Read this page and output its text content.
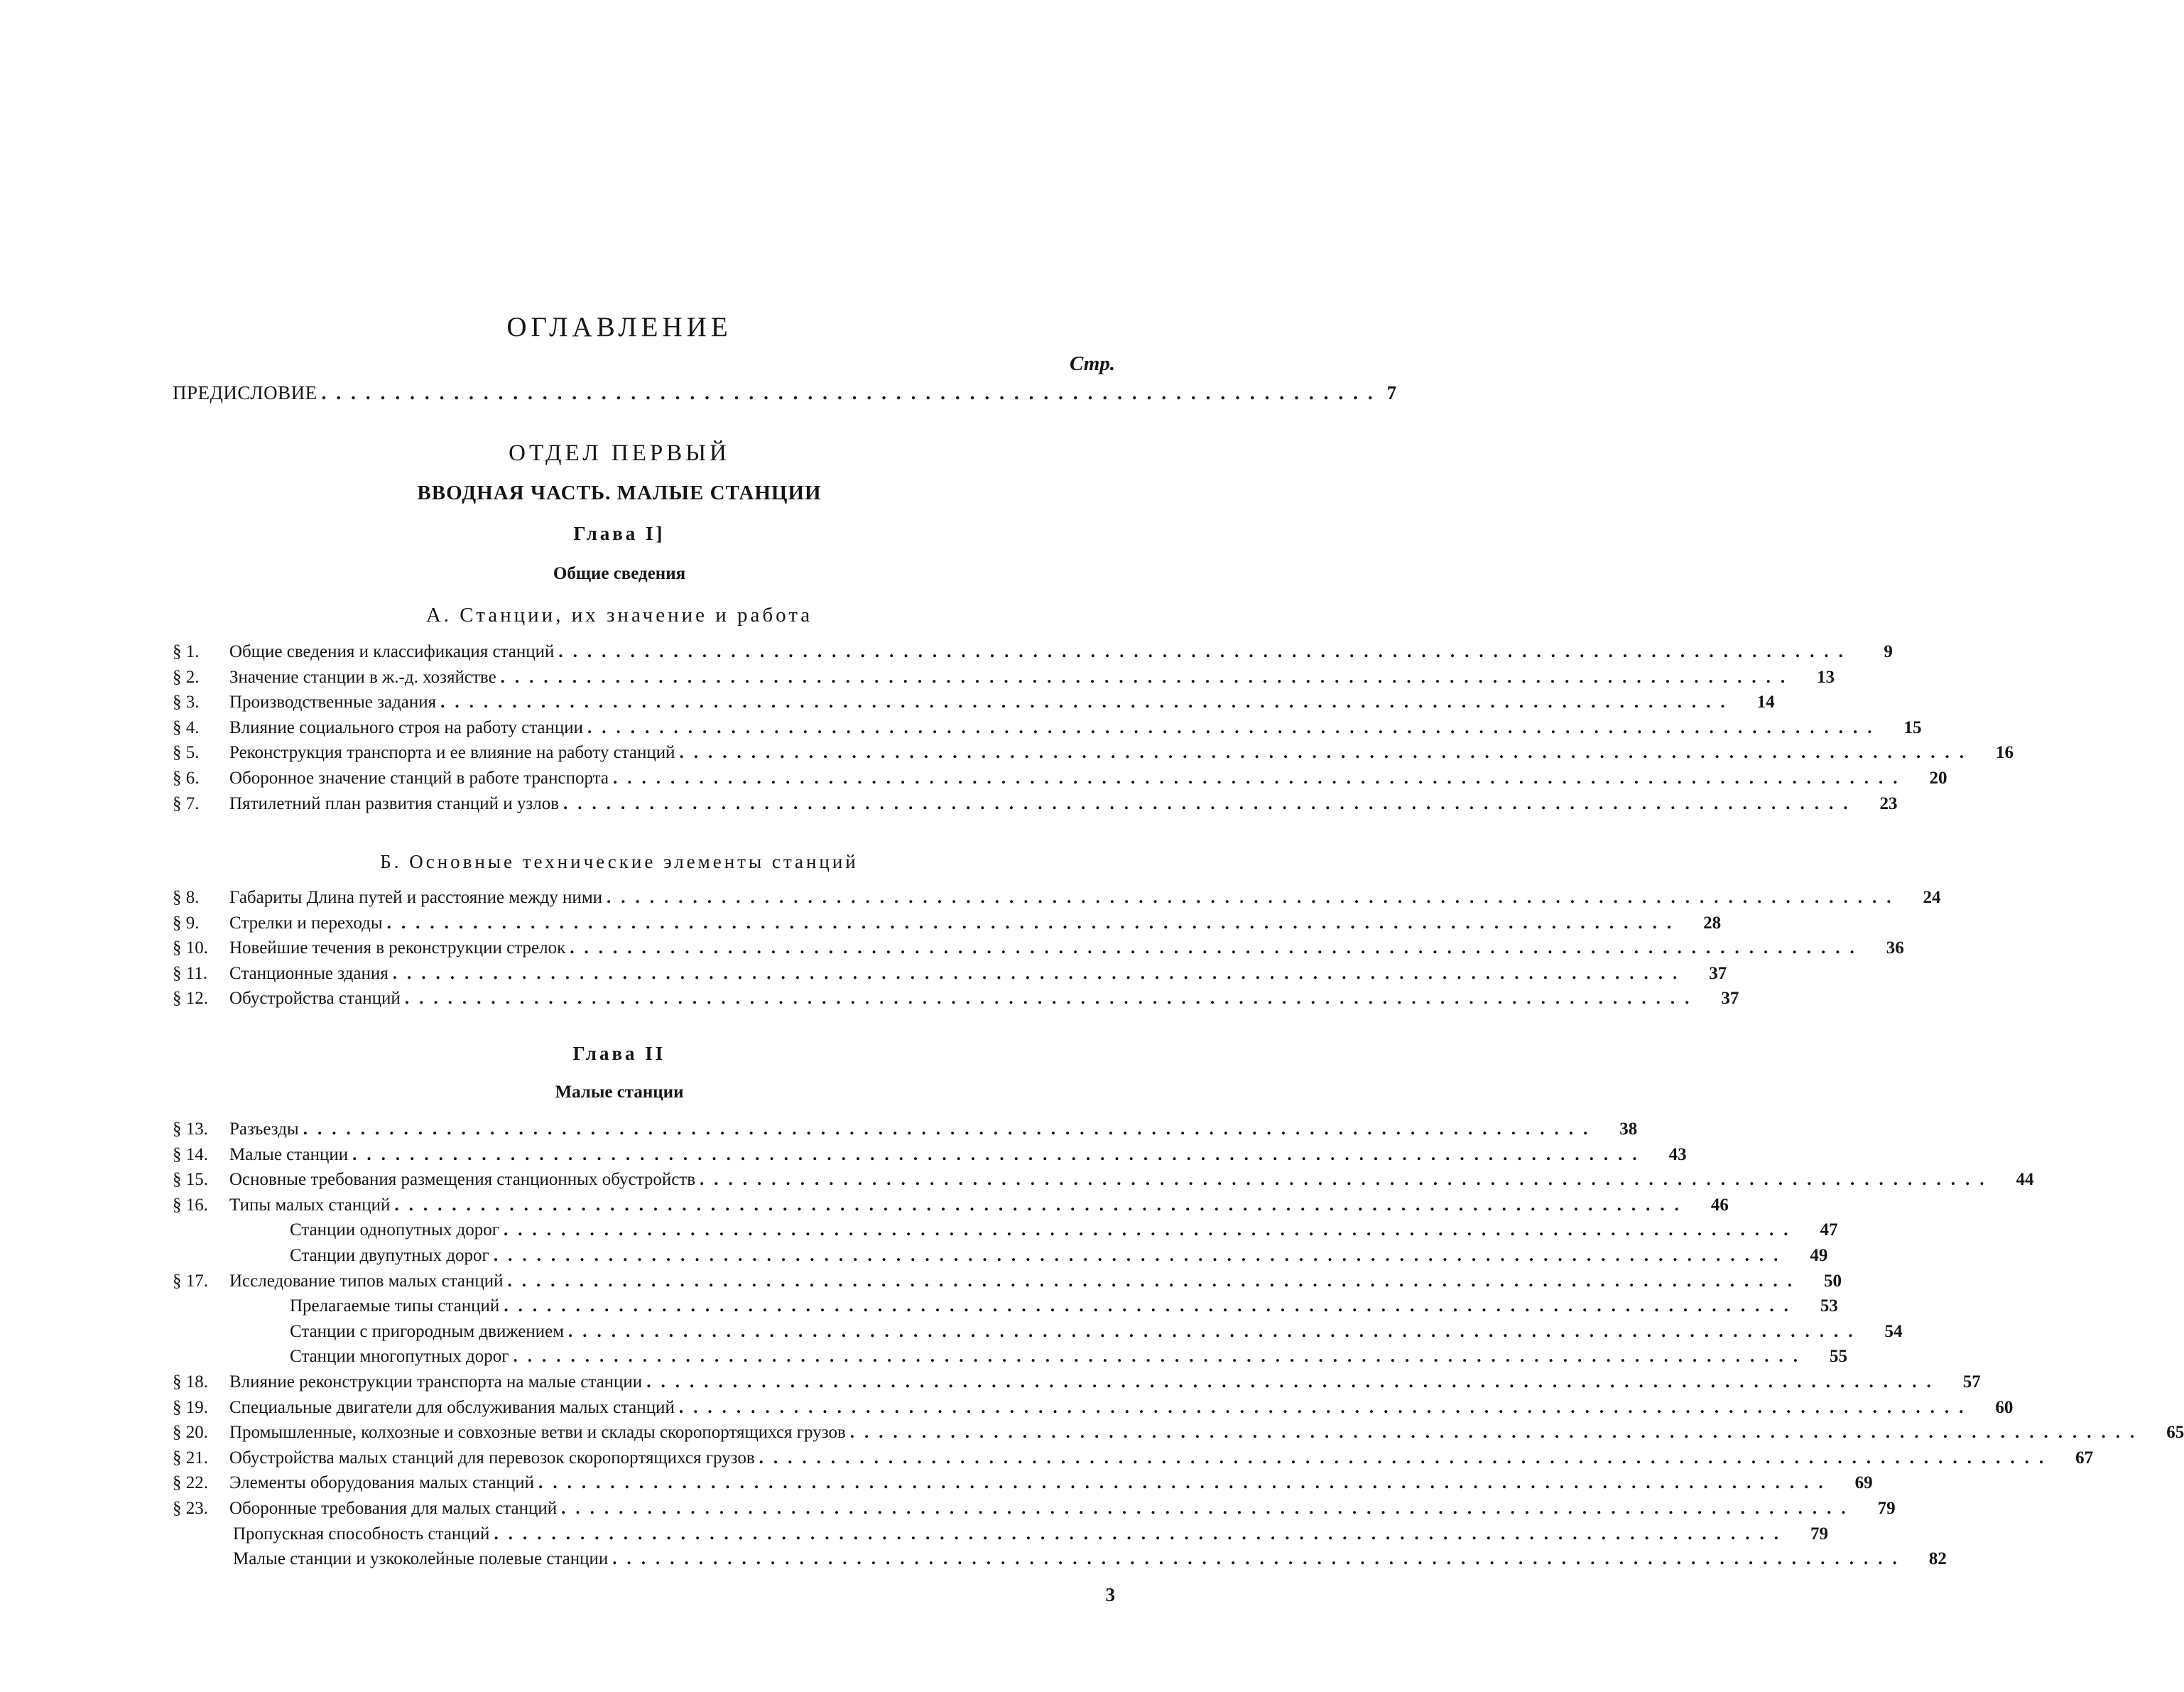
ОГЛАВЛЕНИЕ
Стр.
ПРЕДИСЛОВИЕ ........................................................................ 7
ОТДЕЛ ПЕРВЫЙ
ВВОДНАЯ ЧАСТЬ. МАЛЫЕ СТАНЦИИ
Глава I]
Общие сведения
А. Станции, их значение и работа
§ 1.	Общие сведения и классификация станций ..........................................................................................	9
§ 2.	Значение станции в ж.-д. хозяйстве ..........................................................................................	13
§ 3.	Производственные задания ..........................................................................................	14
§ 4.	Влияние социального строя на работу станции ..........................................................................................	15
§ 5.	Реконструкция транспорта и ее влияние на работу станций ..........................................................................................	16
§ 6.	Оборонное значение станций в работе транспорта ..........................................................................................	20
§ 7.	Пятилетний план развития станций и узлов ..........................................................................................	23
Б. Основные технические элементы станций
§ 8.	Габариты Длина путей и расстояние между ними ..........................................................................................	24
§ 9.	Стрелки и переходы ..........................................................................................	28
§ 10.	Новейшие течения в реконструкции стрелок ..........................................................................................	36
§ 11.	Станционные здания ..........................................................................................	37
§ 12.	Обустройства станций ..........................................................................................	37
Глава II
Малые станции
§ 13.	Разъезды ..........................................................................................	38
§ 14.	Малые станции ..........................................................................................	43
§ 15.	Основные требования размещения станционных обустройств ..........................................................................................	44
§ 16.	Типы малых станций ..........................................................................................	46
Станции однопутных дорог ..........................................................................................	47
Станции двупутных дорог ..........................................................................................	49
§ 17.	Исследование типов малых станций ..........................................................................................	50
Прелагаемые типы станций ..........................................................................................	53
Станции с пригородным движением ..........................................................................................	54
Станции многопутных дорог ..........................................................................................	55
§ 18.	Влияние реконструкции транспорта на малые станции ..........................................................................................	57
§ 19.	Специальные двигатели для обслуживания малых станций ..........................................................................................	60
§ 20.	Промышленные, колхозные и совхозные ветви и склады скоропортящихся грузов ..........................................................................................	65
§ 21.	Обустройства малых станций для перевозок скоропортящихся грузов ..........................................................................................	67
§ 22.	Элементы оборудования малых станций ..........................................................................................	69
§ 23.	Оборонные требования для малых станций ..........................................................................................	79
Пропускная способность станций ..........................................................................................	79
Малые станции и узкоколейные полевые станции ..........................................................................................	82
3
